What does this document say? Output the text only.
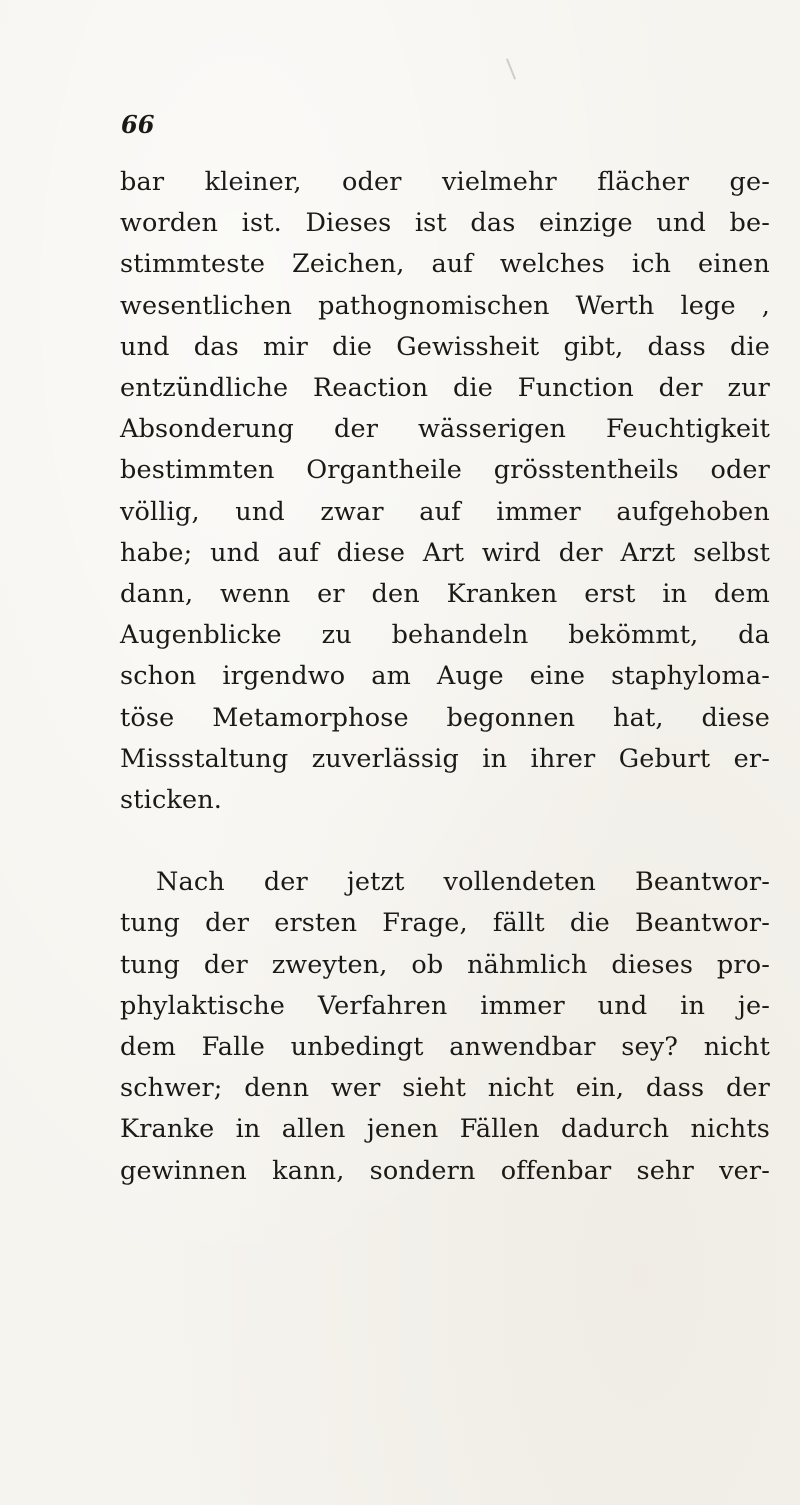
66

bar kleiner, oder vielmehr flächer ge-
worden ist. Dieses ist das einzige und be-
stimmteste Zeichen, auf welches ich einen
wesentlichen pathognomischen Werth lege ,
und das mir die Gewissheit gibt, dass die
entzündliche Reaction die Function der zur
Absonderung der wässerigen Feuchtigkeit
bestimmten Organtheile grösstentheils oder
völlig, und zwar auf immer aufgehoben
habe; und auf diese Art wird der Arzt selbst
dann, wenn er den Kranken erst in dem
Augenblicke zu behandeln bekömmt, da
schon irgendwo am Auge eine staphyloma-
töse Metamorphose begonnen hat, diese
Missstaltung zuverlässig in ihrer Geburt er-
sticken.

Nach der jetzt vollendeten Beantwor-
tung der ersten Frage, fällt die Beantwor-
tung der zweyten, ob nähmlich dieses pro-
phylaktische Verfahren immer und in je-
dem Falle unbedingt anwendbar sey? nicht
schwer; denn wer sieht nicht ein, dass der
Kranke in allen jenen Fällen dadurch nichts
gewinnen kann, sondern offenbar sehr ver-
